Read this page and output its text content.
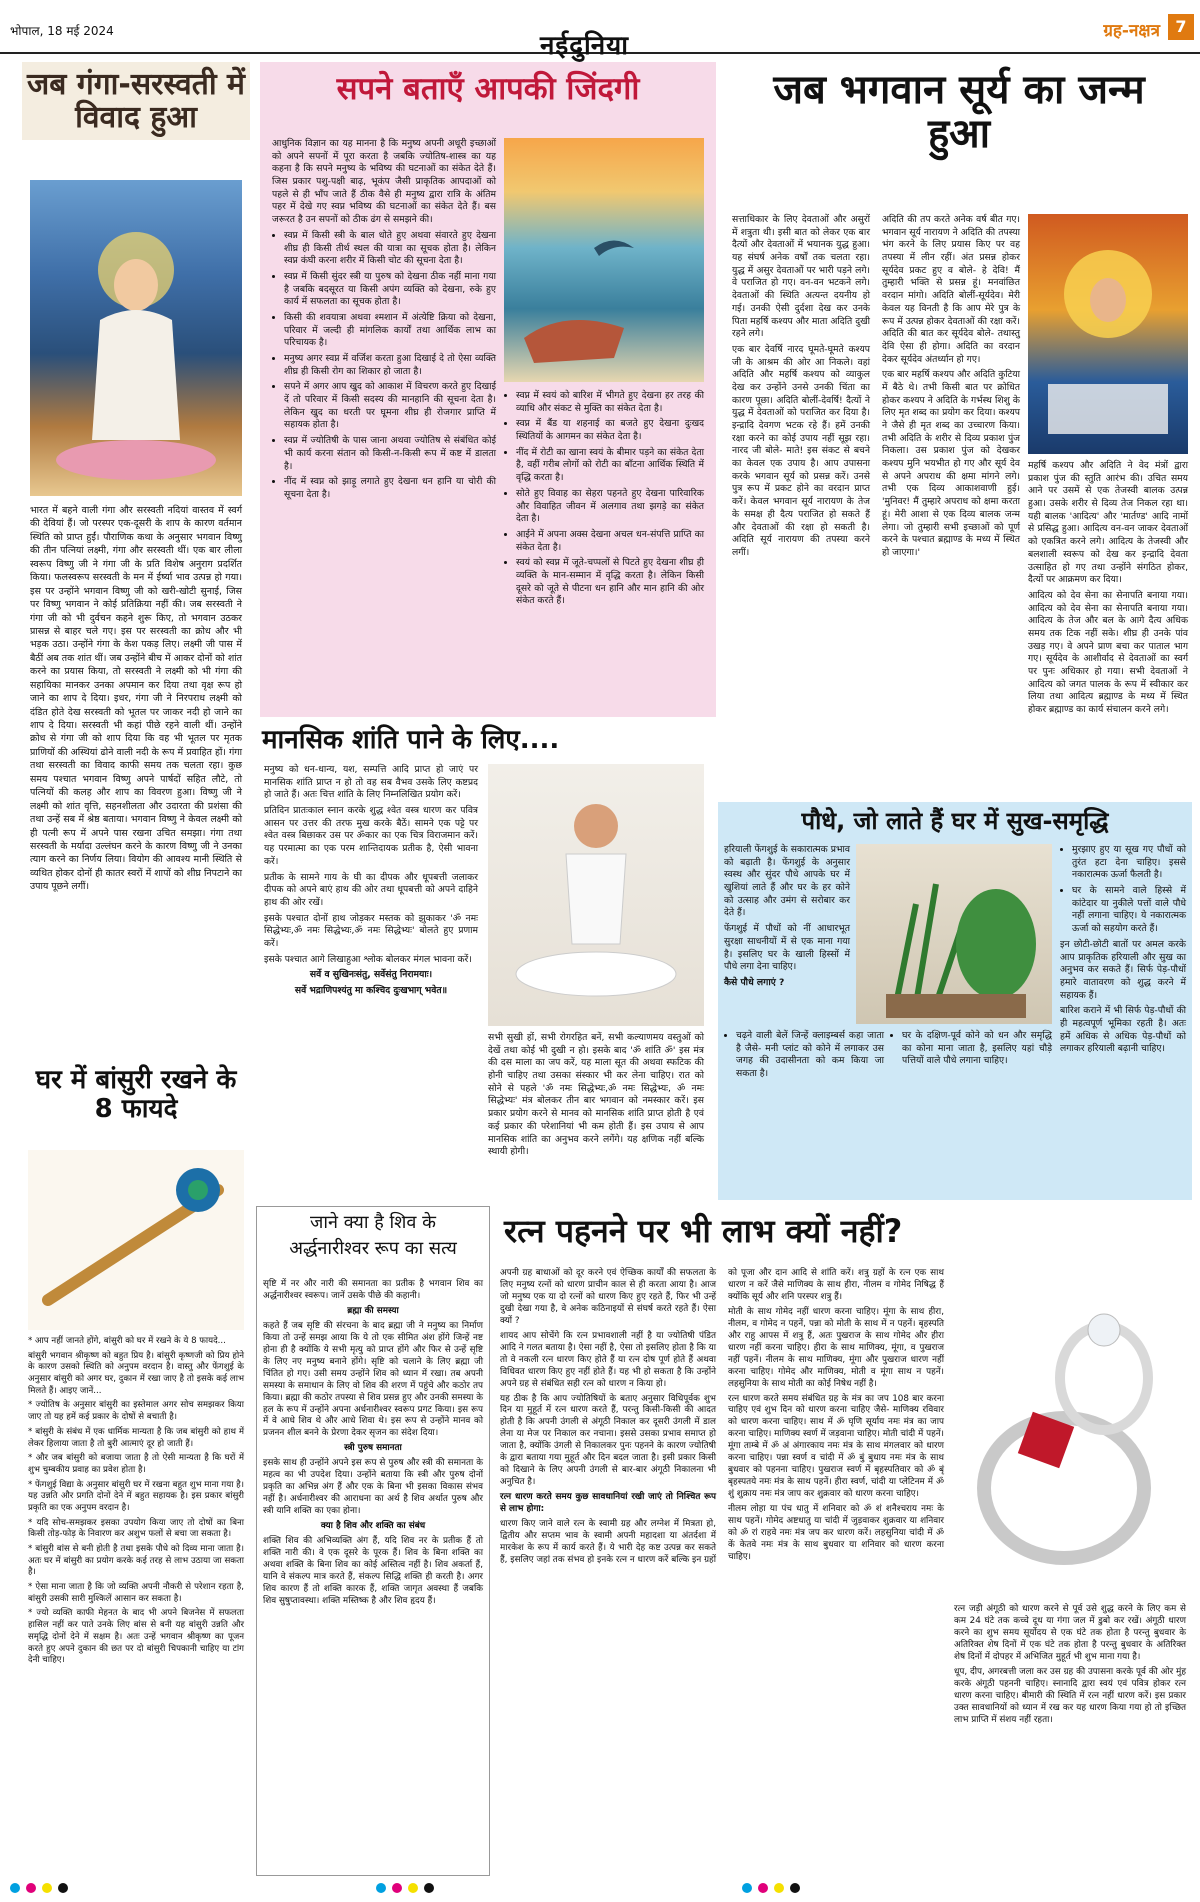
भोपाल, 18 मई 2024	नईदुनिया	ग्रह-नक्षत्र 7
जब गंगा-सरस्वती में विवाद हुआ

भारत में बहने वाली गंगा और सरस्वती नदियां वास्तव में स्वर्ग की देवियां हैं। जो परस्पर एक-दूसरी के शाप के कारण वर्तमान स्थिति को प्राप्त हुईं। पौराणिक कथा के अनुसार भगवान विष्णु की तीन पत्नियां लक्ष्मी, गंगा और सरस्वती थीं। एक बार लीला स्वरूप विष्णु जी ने गंगा जी के प्रति विशेष अनुराग प्रदर्शित किया। फलस्वरूप सरस्वती के मन में ईर्ष्या भाव उत्पन्न हो गया। इस पर उन्होंने भगवान विष्णु जी को खरी-खोटी सुनाई, जिस पर विष्णु भगवान ने कोई प्रतिक्रिया नहीं की। जब सरस्वती ने गंगा जी को भी दुर्वचन कहने शुरू किए, तो भगवान उठकर प्रासन्न से बाहर चले गए। इस पर सरस्वती का क्रोध और भी भड़क उठा। उन्होंने गंगा के केश पकड़ लिए। लक्ष्मी जी पास में बैठीं अब तक शांत थीं। जब उन्होंने बीच में आकर दोनों को शांत करने का प्रयास किया, तो सरस्वती ने लक्ष्मी को भी गंगा की सहायिका मानकर उनका अपमान कर दिया तथा वृक्ष रूप हो जाने का शाप दे दिया। इधर, गंगा जी ने निरपराध लक्ष्मी को दंडित होते देख सरस्वती को भूतल पर जाकर नदी हो जाने का शाप दे दिया। सरस्वती भी कहां पीछे रहने वाली थीं। उन्होंने क्रोध से गंगा जी को शाप दिया कि वह भी भूतल पर मृतक प्राणियों की अस्थियां ढोने वाली नदी के रूप में प्रवाहित हों। गंगा तथा सरस्वती का विवाद काफी समय तक चलता रहा। कुछ समय पश्चात भगवान विष्णु अपने पार्षदों सहित लौटे, तो पत्नियों की कलह और शाप का विवरण हुआ। विष्णु जी ने लक्ष्मी को शांत वृत्ति, सहनशीलता और उदारता की प्रशंसा की तथा उन्हें सब में श्रेष्ठ बताया। भगवान विष्णु ने केवल लक्ष्मी को ही पत्नी रूप में अपने पास रखना उचित समझा। गंगा तथा सरस्वती के मर्यादा उल्लंघन करने के कारण विष्णु जी ने उनका त्याग करने का निर्णय लिया। वियोग की आवश्य मानी स्थिति से व्यथित होकर दोनों ही कातर स्वरों में शापों को शीघ्र निपटाने का उपाय पूछने लगीं।

सपने बताएँ आपकी जिंदगी

आधुनिक विज्ञान का यह मानना है कि मनुष्य अपनी अधूरी इच्छाओं को अपने सपनों में पूरा करता है जबकि ज्योतिष-शास्त्र का यह कहना है कि सपने मनुष्य के भविष्य की घटनाओं का संकेत देते हैं। जिस प्रकार पशु-पक्षी बाढ़, भूकंप जैसी प्राकृतिक आपदाओं को पहले से ही भाँप जाते हैं ठीक वैसे ही मनुष्य द्वारा रात्रि के अंतिम पहर में देखे गए स्वप्न भविष्य की घटनाओं का संकेत देते हैं। बस जरूरत है उन सपनों को ठीक ढंग से समझने की।

• स्वप्न में किसी स्त्री के बाल धोते हुए अथवा संवारते हुए देखना शीघ्र ही किसी तीर्थ स्थल की यात्रा का सूचक होता है। लेकिन स्वप्न कंघी करना शरीर में किसी चोट की सूचना देता है।
• स्वप्न में किसी सुंदर स्त्री या पुरुष को देखना ठीक नहीं माना गया है जबकि बदसूरत या किसी अपंग व्यक्ति को देखना, रुके हुए कार्य में सफलता का सूचक होता है।
• किसी की शवयात्रा अथवा श्मशान में अंत्येष्टि क्रिया को देखना, परिवार में जल्दी ही मांगलिक कार्यों तथा आर्थिक लाभ का परिचायक है।
• मनुष्य अगर स्वप्न में वर्जिश करता हुआ दिखाई दे तो ऐसा व्यक्ति शीघ्र ही किसी रोग का शिकार हो जाता है।
• सपने में अगर आप खुद को आकाश में विचरण करते हुए दिखाई दें तो परिवार में किसी सदस्य की मानहानि की सूचना देता है। लेकिन खुद का धरती पर घूमना शीघ्र ही रोजगार प्राप्ति में सहायक होता है।
• स्वप्न में ज्योतिषी के पास जाना अथवा ज्योतिष से संबंधित कोई भी कार्य करना संतान को किसी-न-किसी रूप में कष्ट में डालता है।
• नींद में स्वप्न को झाड़ू लगाते हुए देखना धन हानि या चोरी की सूचना देता है।
• स्वप्न में स्वयं को बारिश में भीगते हुए देखना हर तरह की व्याधि और संकट से मुक्ति का संकेत देता है।
• स्वप्न में बैंड या शहनाई का बजते हुए देखना दुःखद स्थितियों के आगमन का संकेत देता है।
• नींद में रोटी का खाना स्वयं के बीमार पड़ने का संकेत देता है, वहीं गरीब लोगों को रोटी का बाँटना आर्थिक स्थिति में वृद्धि करता है।
• सोते हुए विवाह का सेहरा पहनते हुए देखना पारिवारिक और विवाहित जीवन में अलगाव तथा झगड़े का संकेत देता है।
• आईने में अपना अक्स देखना अचल धन-संपत्ति प्राप्ति का संकेत देता है।
• स्वयं को स्वप्न में जूते-चप्पलों से पिटते हुए देखना शीघ्र ही व्यक्ति के मान-सम्मान में वृद्धि करता है। लेकिन किसी दूसरे को जूते से पीटना धन हानि और मान हानि की ओर संकेत करते हैं।
जब भगवान सूर्य का जन्म हुआ

सत्ताधिकार के लिए देवताओं और असुरों में शत्रुता थी। इसी बात को लेकर एक बार दैत्यों और देवताओं में भयानक युद्ध हुआ। यह संघर्ष अनेक वर्षों तक चलता रहा। युद्ध में असुर देवताओं पर भारी पड़ने लगे। वे पराजित हो गए। वन-वन भटकने लगे। देवताओं की स्थिति अत्यन्त दयनीय हो गई। उनकी ऐसी दुर्दशा देख कर उनके पिता महर्षि कश्यप और माता अदिति दुखी रहने लगे।

एक बार देवर्षि नारद घूमते-घूमते कश्यप जी के आश्रम की ओर आ निकले। वहां अदिति और महर्षि कश्यप को व्याकुल देख कर उन्होंने उनसे उनकी चिंता का कारण पूछा। अदिति बोलीं-देवर्षि! दैत्यों ने युद्ध में देवताओं को पराजित कर दिया है। इन्द्रादि देवगण भटक रहे हैं। हमें उनकी रक्षा करने का कोई उपाय नहीं सूझ रहा। नारद जी बोले- माते! इस संकट से बचने का केवल एक उपाय है। आप उपासना करके भगवान सूर्य को प्रसन्न करें। उनसे पुत्र रूप में प्रकट होने का वरदान प्राप्त करें। केवल भगवान सूर्य नारायण के तेज के समक्ष ही दैत्य पराजित हो सकते हैं और देवताओं की रक्षा हो सकती है। अदिति सूर्य नारायण की तपस्या करने लगीं।

अदिति की तप करते अनेक वर्ष बीत गए। भगवान सूर्य नारायण ने अदिति की तपस्या भंग करने के लिए प्रयास किए पर वह तपस्या में लीन रहीं। अंत प्रसन्न होकर सूर्यदेव प्रकट हुए व बोले- हे देवि! मैं तुम्हारी भक्ति से प्रसन्न हूं। मनवांछित वरदान मांगो। अदिति बोलीं-सूर्यदेव। मेरी केवल यह विनती है कि आप मेरे पुत्र के रूप में उत्पन्न होकर देवताओं की रक्षा करें। अदिति की बात कर सूर्यदेव बोले- तथास्तु देवि ऐसा ही होगा। अदिति का वरदान देकर सूर्यदेव अंतर्ध्यान हो गए।

एक बार महर्षि कश्यप और अदिति कुटिया में बैठे थे। तभी किसी बात पर क्रोधित होकर कश्यप ने अदिति के गर्भस्थ शिशु के लिए मृत शब्द का प्रयोग कर दिया। कश्यप ने जैसे ही मृत शब्द का उच्चारण किया। तभी अदिति के शरीर से दिव्य प्रकाश पुंज निकला। उस प्रकाश पुंज को देखकर कश्यप मुनि भयभीत हो गए और सूर्य देव से अपने अपराध की क्षमा मांगने लगे। तभी एक दिव्य आकाशवाणी हुई। 'मुनिवर! मैं तुम्हारे अपराध को क्षमा करता हूं। मेरी आशा से एक दिव्य बालक जन्म लेगा। जो तुम्हारी सभी इच्छाओं को पूर्ण करने के पश्चात ब्रह्माण्ड के मध्य में स्थित हो जाएगा।'

महर्षि कश्यप और अदिति ने वेद मंत्रों द्वारा प्रकाश पुंज की स्तुति आरंभ की। उचित समय आने पर उसमें से एक तेजस्वी बालक उत्पन्न हुआ। उसके शरीर से दिव्य तेज निकल रहा था। यही बालक 'आदित्य' और 'मार्तण्ड' आदि नामों से प्रसिद्ध हुआ। आदित्य वन-वन जाकर देवताओं को एकत्रित करने लगे। आदित्य के तेजस्वी और बलशाली स्वरूप को देख कर इन्द्रादि देवता उत्साहित हो गए तथा उन्होंने संगठित होकर, दैत्यों पर आक्रमण कर दिया।

आदित्य को देव सेना का सेनापति बनाया गया। आदित्य को देव सेना का सेनापति बनाया गया। आदित्य के तेज और बल के आगे दैत्य अधिक समय तक टिक नहीं सके। शीघ्र ही उनके पांव उखड़ गए। वे अपने प्राण बचा कर पाताल भाग गए। सूर्यदेव के आशीर्वाद से देवताओं का स्वर्ग पर पुनः अधिकार हो गया। सभी देवताओं ने आदित्य को जगत पालक के रूप में स्वीकार कर लिया तथा आदित्य ब्रह्माण्ड के मध्य में स्थित होकर ब्रह्माण्ड का कार्य संचालन करने लगे।

मानसिक शांति पाने के लिए....

मनुष्य को धन-धान्य, यश, सम्पत्ति आदि प्राप्त हो जाएं पर मानसिक शांति प्राप्त न हो तो वह सब वैभव उसके लिए कष्टप्रद हो जाते हैं। अतः चित्त शांति के लिए निम्नलिखित प्रयोग करें।

प्रतिदिन प्रातःकाल स्नान करके शुद्ध श्वेत वस्त्र धारण कर पवित्र आसन पर उत्तर की तरफ मुख करके बैठें। सामने एक पट्टे पर श्वेत वस्त्र बिछाकर उस पर ॐकार का एक चित्र विराजमान करें। यह परमात्मा का एक परम शान्तिदायक प्रतीक है, ऐसी भावना करें।

प्रतीक के सामने गाय के घी का दीपक और धूपबत्ती जलाकर दीपक को अपने बाएं हाथ की ओर तथा धूपबत्ती को अपने दाहिने हाथ की ओर रखें।

इसके पश्चात दोनों हाथ जोड़कर मस्तक को झुकाकर 'ॐ नमः सिद्धेभ्यः,ॐ नमः सिद्धेभ्यः,ॐ नमः सिद्धेभ्यः' बोलते हुए प्रणाम करें।

इसके पश्चात आगे लिखाहुआ श्लोक बोलकर मंगल भावना करें।

सर्वे व सुखिनःसंतु, सर्वेसंतु निरामयाः।

सर्वे भद्राणिपश्यंतु मा कश्चिद दुःखभाग् भवेत॥

सभी सुखी हों, सभी रोगरहित बनें, सभी कल्याणमय वस्तुओं को देखें तथा कोई भी दुखी न हो। इसके बाद 'ॐ शांति ॐ' इस मंत्र की दस माला का जप करें, यह माला सूत की अथवा स्फटिक की होनी चाहिए तथा उसका संस्कार भी कर लेना चाहिए। रात को सोने से पहले 'ॐ नमः सिद्धेभ्यः,ॐ नमः सिद्धेभ्यः, ॐ नमः सिद्धेभ्यः' मंत्र बोलकर तीन बार भगवान को नमस्कार करें। इस प्रकार प्रयोग करने से मानव को मानसिक शांति प्राप्त होती है एवं कई प्रकार की परेशानियां भी कम होती हैं। इस उपाय से आप मानसिक शांति का अनुभव करने लगेंगे। यह क्षणिक नहीं बल्कि स्थायी होगी।

पौधे, जो लाते हैं घर में सुख-समृद्धि

हरियाली फेंगशुई के सकारात्मक प्रभाव को बढ़ाती है। फेंगशुई के अनुसार स्वस्थ और सुंदर पौधे आपके घर में खुशियां लाते हैं और घर के हर कोने को उत्साह और उमंग से सरोबार कर देते हैं।

फेंगशुई में पौधों को नीं आधारभूत सुरक्षा साधनीयों में से एक माना गया है। इसलिए घर के खाली हिस्सों में पौधे लगा देना चाहिए।

कैसे पौधे लगाएं ?

• चढ़ने वाली बेलें जिन्हें क्लाइम्बर्स कहा जाता है जैसे- मनी प्लांट को कोने में लगाकर उस जगह की उदासीनता को कम किया जा सकता है।
• घर के दक्षिण-पूर्व कोने को धन और समृद्धि का कोना माना जाता है, इसलिए यहां चौड़े पत्तियों वाले पौधे लगाना चाहिए।
• मुरझाए हुए या सूख गए पौधों को तुरंत हटा देना चाहिए। इससे नकारात्मक ऊर्जा फैलती है।
• घर के सामने वाले हिस्से में कांटेदार या नुकीले पत्तों वाले पौधे नहीं लगाना चाहिए। ये नकारात्मक ऊर्जा को सहयोग करते हैं।

इन छोटी-छोटी बातों पर अमल करके आप प्राकृतिक हरियाली और सुख का अनुभव कर सकते हैं। सिर्फ पेड़-पौधों हमारे वातावरण को शुद्ध करने में सहायक हैं।

बारिश कराने में भी सिर्फ पेड़-पौधों की ही महत्वपूर्ण भूमिका रहती है। अतः हमें अधिक से अधिक पेड़-पौधों को लगाकर हरियाली बढ़ानी चाहिए।

घर में बांसुरी रखने के 8 फायदे

* आप नहीं जानते होंगे, बांसुरी को घर में रखने के ये 8 फायदे...

बांसुरी भगवान श्रीकृष्ण को बहुत प्रिय है। बांसुरी कृष्णजी को प्रिय होने के कारण उसको स्थिति को अनुपम वरदान है। वास्तु और फेंगशुई के अनुसार बांसुरी को अगर घर, दुकान में रखा जाए है तो इसके कई लाभ मिलते हैं। आइए जानें...

* ज्योतिष के अनुसार बांसुरी का इस्तेमाल अगर सोच समझकर किया जाए तो यह हमें कई प्रकार के दोषों से बचाती है।

* बांसुरी के संबंध में एक धार्मिक मान्यता है कि जब बांसुरी को हाथ में लेकर हिलाया जाता है तो बुरी आत्माएं दूर हो जाती हैं।

* और जब बांसुरी को बजाया जाता है तो ऐसी मान्यता है कि घरों में शुभ चुम्बकीय प्रवाह का प्रवेश होता है।

* फेंगशुई विद्या के अनुसार बांसुरी घर में रखना बहुत शुभ माना गया है। यह उन्नति और प्रगति दोनों देने में बहुत सहायक है। इस प्रकार बांसुरी प्रकृति का एक अनुपम वरदान है।

* यदि सोच-समझकर इसका उपयोग किया जाए तो दोषों का बिना किसी तोड़-फोड़ के निवारण कर अशुभ फलों से बचा जा सकता है।

* बांसुरी बांस से बनी होती है तथा इसके पौधे को दिव्य माना जाता है। अतः घर में बांसुरी का प्रयोग करके कई तरह से लाभ उठाया जा सकता है।

* ऐसा माना जाता है कि जो व्यक्ति अपनी नौकरी से परेशान रहता है, बांसुरी उसकी सारी मुश्किलें आसान कर सकता है।

* ज्यो व्यक्ति काफी मेहनत के बाद भी अपने बिजनेस में सफलता हासिल नहीं कर पाते उनके लिए बांस से बनी यह बांसुरी उन्नति और समृद्धि दोनों देने में सक्षम है। अतः उन्हें भगवान श्रीकृष्ण का पूजन करते हुए अपने दुकान की छत पर दो बांसुरी चिपकानी चाहिए या टांग देनी चाहिए।

जाने क्या है शिव के
अर्द्धनारीश्वर रूप का सत्य

सृष्टि में नर और नारी की समानता का प्रतीक है भगवान शिव का अर्द्धनारीश्वर स्वरूप। जानें उसके पीछे की कहानी।

ब्रह्मा की समस्या

कहते हैं जब सृष्टि की संरचना के बाद ब्रह्मा जी ने मनुष्य का निर्माण किया तो उन्हें समझ आया कि ये तो एक सीमित अंश होंगे जिन्हें नष्ट होना ही है क्योंकि ये सभी मृत्यु को प्राप्त होंगे और फिर से उन्हें सृष्टि के लिए नए मनुष्य बनाने होंगे। सृष्टि को चलाने के लिए ब्रह्मा जी चिंतित हो गए। उसी समय उन्होंने शिव को ध्यान में रखा। तब अपनी समस्या के समाधान के लिए वो शिव की शरण में पहुंचे और कठोर तप किया। ब्रह्मा की कठोर तपस्या से शिव प्रसन्न हुए और उनकी समस्या के हल के रूप में उन्होंने अपना अर्धनारीश्वर स्वरूप प्रगट किया। इस रूप में वे आधे शिव थे और आधे शिवा थे। इस रूप से उन्होंने मानव को प्रजनन शील बनने के प्रेरणा देकर सृजन का संदेश दिया।

स्त्री पुरुष समानता

इसके साथ ही उन्होंने अपने इस रूप से पुरुष और स्त्री की समानता के महत्व का भी उपदेश दिया। उन्होंने बताया कि स्त्री और पुरुष दोनों प्रकृति का अभिन्न अंग हैं और एक के बिना भी इसका विकास संभव नहीं है। अर्धनारीश्वर की आराधना का अर्थ है शिव अर्थात पुरुष और स्त्री यानि शक्ति का एका होना।

क्या है शिव और शक्ति का संबंध

शक्ति शिव की अभिव्यक्ति अंग हैं, यदि शिव नर के प्रतीक हैं तो शक्ति नारी की। वे एक दूसरे के पूरक हैं। शिव के बिना शक्ति का अथवा शक्ति के बिना शिव का कोई अस्तित्व नहीं है। शिव अकर्ता हैं, यानि वे संकल्प मात्र करते हैं, संकल्प सिद्धि शक्ति ही करती है। अगर शिव कारण हैं तो शक्ति कारक हैं, शक्ति जागृत अवस्था हैं जबकि शिव सुषुप्तावस्था। शक्ति मस्तिष्क है और शिव हृदय हैं।

रत्न पहनने पर भी लाभ क्यों नहीं?

अपनी ग्रह बाधाओं को दूर करने एवं ऐच्छिक कार्यों की सफलता के लिए मनुष्य रत्नों को धारण प्राचीन काल से ही करता आया है। आज जो मनुष्य एक या दो रत्नों को धारण किए हुए रहते हैं, फिर भी उन्हें दुखी देखा गया है, वे अनेक कठिनाइयों से संघर्ष करते रहते हैं। ऐसा क्यों ?

शायद आप सोचेंगे कि रत्न प्रभावशाली नहीं है या ज्योतिषी पंडित आदि ने गलत बताया है। ऐसा नहीं है, ऐसा तो इसलिए होता है कि या तो वे नकली रत्न धारण किए होते हैं या रत्न दोष पूर्ण होते हैं अथवा विधिवत धारण किए हुए नहीं होते हैं। यह भी हो सकता है कि उन्होंने अपने ग्रह से संबंधित सही रत्न को धारण न किया हो।

यह ठीक है कि आप ज्योतिषियों के बताए अनुसार विधिपूर्वक शुभ दिन या मुहूर्त में रत्न धारण करते हैं, परन्तु किसी-किसी की आदत होती है कि अपनी उंगली से अंगूठी निकाल कर दूसरी उंगली में डाल लेना या मेज पर निकाल कर नचाना। इससे उसका प्रभाव समाप्त हो जाता है, क्योंकि उंगली से निकालकर पुनः पहनने के कारण ज्योतिषी के द्वारा बताया गया मुहूर्त और दिन बदल जाता है। इसी प्रकार किसी को दिखाने के लिए अपनी उंगली से बार-बार अंगूठी निकालना भी अनुचित है।

रत्न धारण करते समय कुछ सावधानियां रखी जाएं तो निश्चित रूप से लाभ होगा:

धारण किए जाने वाले रत्न के स्वामी ग्रह और लग्नेश में मित्रता हो, द्वितीय और सप्तम भाव के स्वामी अपनी महादशा या अंतर्दशा में मारकेश के रूप में कार्य करते हैं। ये भारी देह कष्ट उत्पन्न कर सकते हैं, इसलिए जहां तक संभव हो इनके रत्न न धारण करें बल्कि इन ग्रहों को पूजा और दान आदि से शांति करें। शत्रु ग्रहों के रत्न एक साथ धारण न करें जैसे माणिक्य के साथ हीरा, नीलम व गोमेद निषिद्ध हैं क्योंकि सूर्य और शनि परस्पर शत्रु हैं।

मोती के साथ गोमेद नहीं धारण करना चाहिए। मूंगा के साथ हीरा, नीलम, व गोमेद न पहनें, पन्ना को मोती के साथ में न पहनें। बृहस्पति और राहु आपस में शत्रु हैं, अतः पुखराज के साथ गोमेद और हीरा धारण नहीं करना चाहिए। हीरा के साथ माणिक्य, मूंगा, व पुखराज नहीं पहनें। नीलम के साथ माणिक्य, मूंगा और पुखराज धारण नहीं करना चाहिए। गोमेद और माणिक्य, मोती व मूंगा साथ न पहनें। लहसुनिया के साथ मोती का कोई निषेध नहीं है।

रत्न धारण करते समय संबंधित ग्रह के मंत्र का जप 108 बार करना चाहिए एवं शुभ दिन को धारण करना चाहिए जैसे- माणिक्य रविवार को धारण करना चाहिए। साथ में ॐ घृणि सूर्याय नमः मंत्र का जाप करना चाहिए। माणिक्य स्वर्ण में जड़वाना चाहिए। मोती चांदी में पहनें। मूंगा ताम्बे में ॐ अं अंगारकाय नमः मंत्र के साथ मंगलवार को धारण करना चाहिए। पन्ना स्वर्ण व चांदी में ॐ बुं बुधाय नमः मंत्र के साथ बुधवार को पहनना चाहिए। पुखराज स्वर्ण में बृहस्पतिवार को ॐ बृं बृहस्पतये नमः मंत्र के साथ पहनें। हीरा स्वर्ण, चांदी या प्लेटिनम में ॐ शुं शुक्राय नमः मंत्र जाप कर शुक्रवार को धारण करना चाहिए।

नीलम लोहा या पंच धातु में शनिवार को ॐ शं शनैश्चराय नमः के साथ पहनें। गोमेद अष्टधातु या चांदी में जुड़वाकर शुक्रवार या शनिवार को ॐ रां राहवे नमः मंत्र जप कर धारण करें। लहसुनिया चांदी में ॐ कें केतवे नमः मंत्र के साथ बुधवार या शनिवार को धारण करना चाहिए।

रत्न जड़ी अंगूठी को धारण करने से पूर्व उसे शुद्ध करने के लिए कम से कम 24 घंटे तक कच्चे दूध या गंगा जल में डुबो कर रखें। अंगूठी धारण करने का शुभ समय सूर्योदय से एक घंटे तक होता है परन्तु बुधवार के अतिरिक्त शेष दिनों में एक घंटे तक होता है परन्तु बुधवार के अतिरिक्त शेष दिनों में दोपहर में अभिजित मुहूर्त भी शुभ माना गया है।

धूप, दीप, अगरबत्ती जला कर उस ग्रह की उपासना करके पूर्व की ओर मुंह करके अंगूठी पहननी चाहिए। स्नानादि द्वारा स्वयं एवं पवित्र होकर रत्न धारण करना चाहिए। बीमारी की स्थिति में रत्न नहीं धारण करें। इस प्रकार उक्त सावधानियों को ध्यान में रख कर यह धारण किया गया हो तो इच्छित लाभ प्राप्ति में संशय नहीं रहता।
